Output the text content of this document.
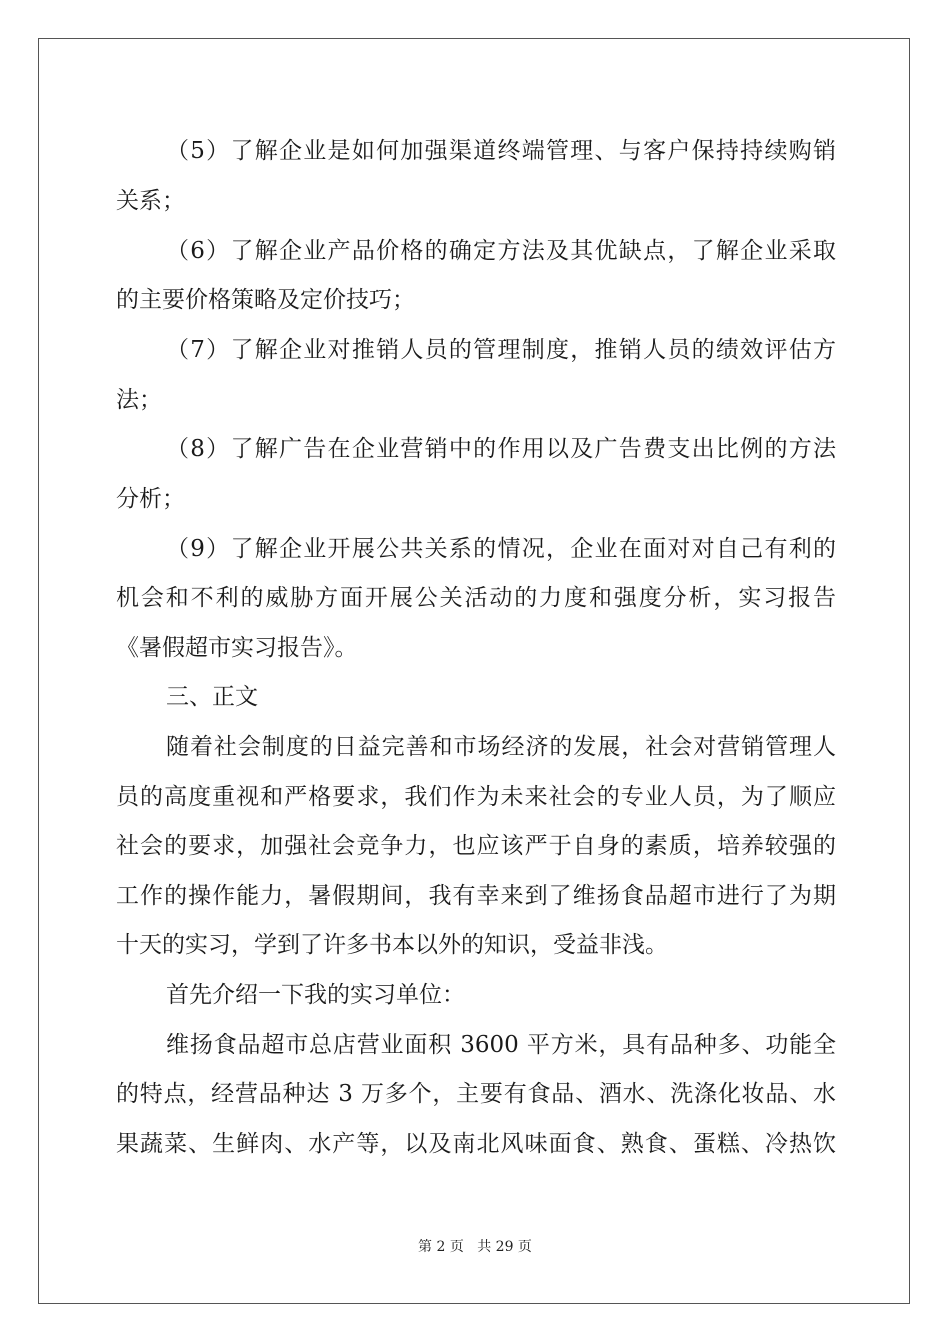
（5）了解企业是如何加强渠道终端管理、与客户保持持续购销
关系；
（6）了解企业产品价格的确定方法及其优缺点，了解企业采取
的主要价格策略及定价技巧；
（7）了解企业对推销人员的管理制度，推销人员的绩效评估方
法；
（8）了解广告在企业营销中的作用以及广告费支出比例的方法
分析；
（9）了解企业开展公共关系的情况，企业在面对对自己有利的
机会和不利的威胁方面开展公关活动的力度和强度分析，实习报告
《暑假超市实习报告》。
三、正文
随着社会制度的日益完善和市场经济的发展，社会对营销管理人
员的高度重视和严格要求，我们作为未来社会的专业人员，为了顺应
社会的要求，加强社会竞争力，也应该严于自身的素质，培养较强的
工作的操作能力，暑假期间，我有幸来到了维扬食品超市进行了为期
十天的实习，学到了许多书本以外的知识，受益非浅。
首先介绍一下我的实习单位：
维扬食品超市总店营业面积 3600 平方米，具有品种多、功能全
的特点，经营品种达 3 万多个，主要有食品、酒水、洗涤化妆品、水
果蔬菜、生鲜肉、水产等，以及南北风味面食、熟食、蛋糕、冷热饮
第 2 页 共 29 页
